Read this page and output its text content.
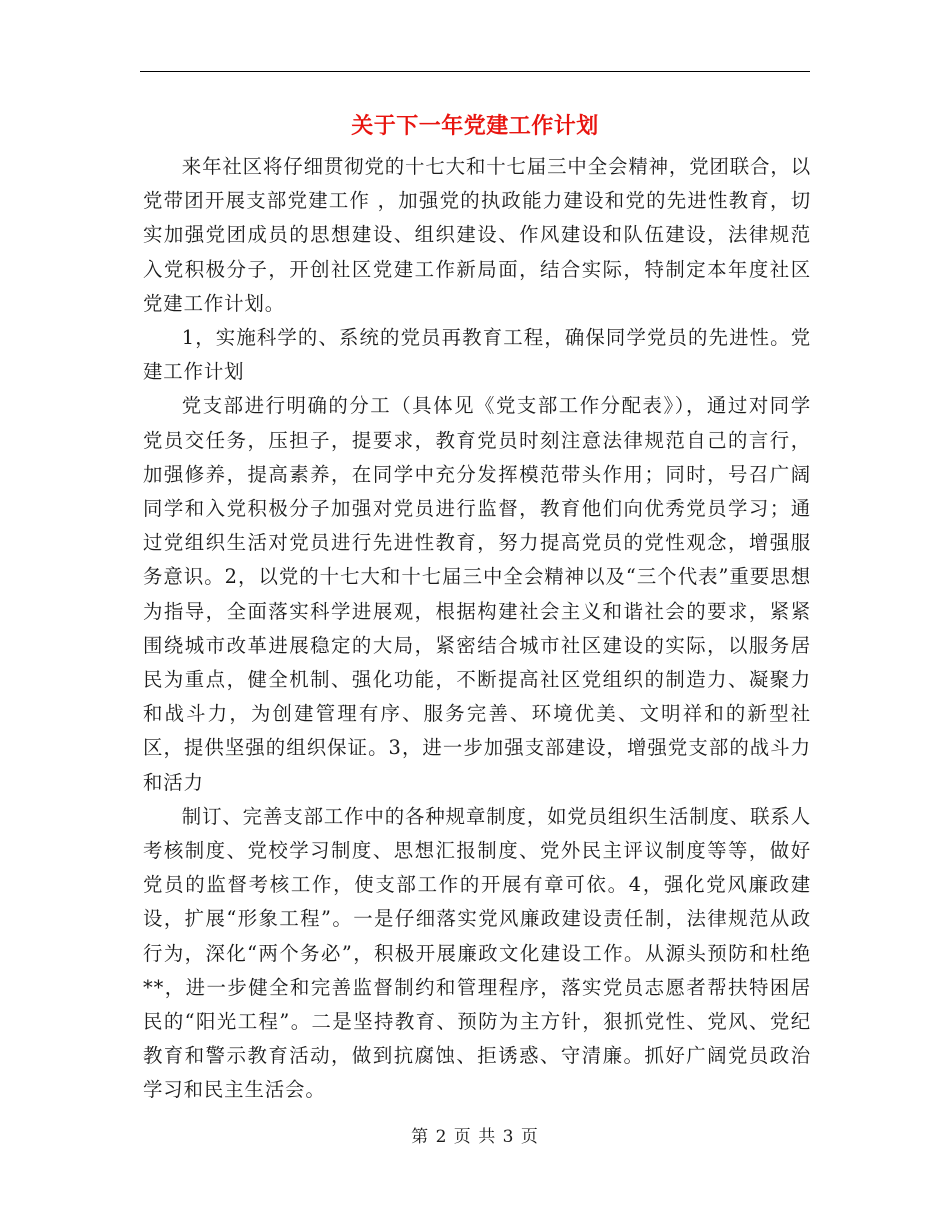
关于下一年党建工作计划

来年社区将仔细贯彻党的十七大和十七届三中全会精神，党团联合，以党带团开展支部党建工作 ，加强党的执政能力建设和党的先进性教育，切实加强党团成员的思想建设、组织建设、作风建设和队伍建设，法律规范入党积极分子，开创社区党建工作新局面，结合实际，特制定本年度社区党建工作计划。

1，实施科学的、系统的党员再教育工程，确保同学党员的先进性。党建工作计划

党支部进行明确的分工（具体见《党支部工作分配表》），通过对同学党员交任务，压担子，提要求，教育党员时刻注意法律规范自己的言行，加强修养，提高素养，在同学中充分发挥模范带头作用；同时，号召广阔同学和入党积极分子加强对党员进行监督，教育他们向优秀党员学习；通过党组织生活对党员进行先进性教育，努力提高党员的党性观念，增强服务意识。2，以党的十七大和十七届三中全会精神以及“三个代表”重要思想为指导，全面落实科学进展观，根据构建社会主义和谐社会的要求，紧紧围绕城市改革进展稳定的大局，紧密结合城市社区建设的实际，以服务居民为重点，健全机制、强化功能，不断提高社区党组织的制造力、凝聚力和战斗力，为创建管理有序、服务完善、环境优美、文明祥和的新型社区，提供坚强的组织保证。3，进一步加强支部建设，增强党支部的战斗力和活力

制订、完善支部工作中的各种规章制度，如党员组织生活制度、联系人考核制度、党校学习制度、思想汇报制度、党外民主评议制度等等，做好党员的监督考核工作，使支部工作的开展有章可依。4，强化党风廉政建设，扩展“形象工程”。一是仔细落实党风廉政建设责任制，法律规范从政行为，深化“两个务必”，积极开展廉政文化建设工作。从源头预防和杜绝**，进一步健全和完善监督制约和管理程序，落实党员志愿者帮扶特困居民的“阳光工程”。二是坚持教育、预防为主方针，狠抓党性、党风、党纪教育和警示教育活动，做到抗腐蚀、拒诱惑、守清廉。抓好广阔党员政治学习和民主生活会。

第 2 页 共 3 页
